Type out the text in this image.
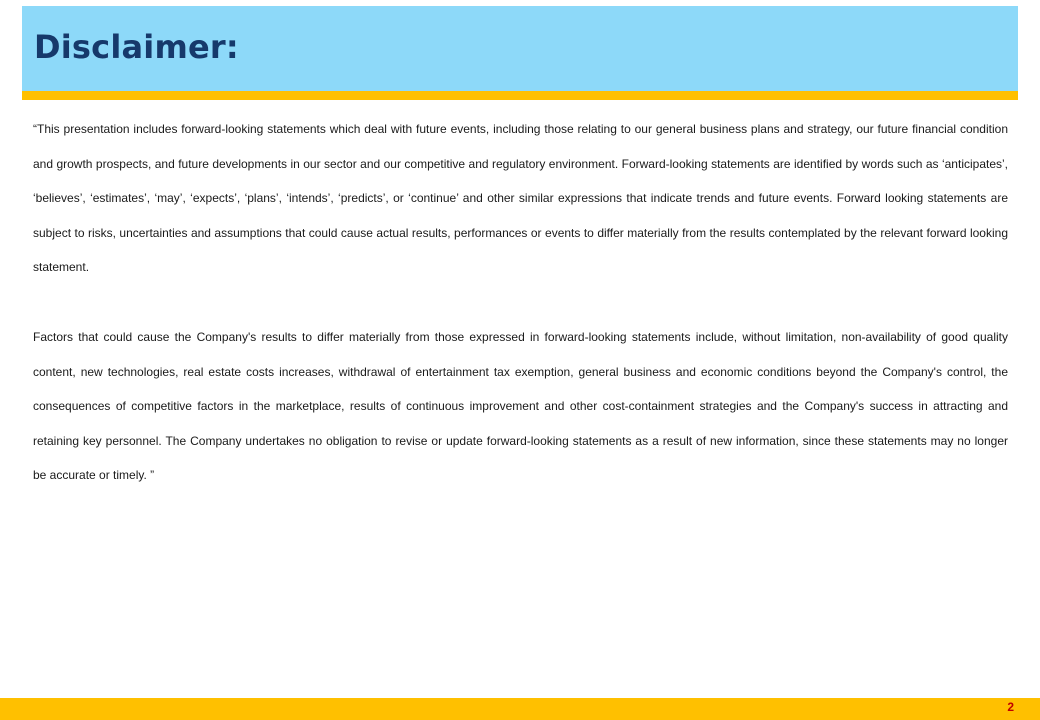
Disclaimer:

“This presentation includes forward-looking statements which deal with future events, including those relating to our general business plans and strategy, our future financial condition and growth prospects, and future developments in our sector and our competitive and regulatory environment. Forward-looking statements are identified by words such as ‘anticipates’, ‘believes’, ‘estimates’, ‘may’, ‘expects’, ‘plans’, ‘intends’, ‘predicts’, or ‘continue’ and other similar expressions that indicate trends and future events. Forward looking statements are subject to risks, uncertainties and assumptions that could cause actual results, performances or events to differ materially from the results contemplated by the relevant forward looking statement.

Factors that could cause the Company's results to differ materially from those expressed in forward-looking statements include, without limitation, non-availability of good quality content, new technologies, real estate costs increases, withdrawal of entertainment tax exemption, general business and economic conditions beyond the Company's control, the consequences of competitive factors in the marketplace, results of continuous improvement and other cost-containment strategies and the Company's success in attracting and retaining key personnel. The Company undertakes no obligation to revise or update forward-looking statements as a result of new information, since these statements may no longer be accurate or timely. ”

2
